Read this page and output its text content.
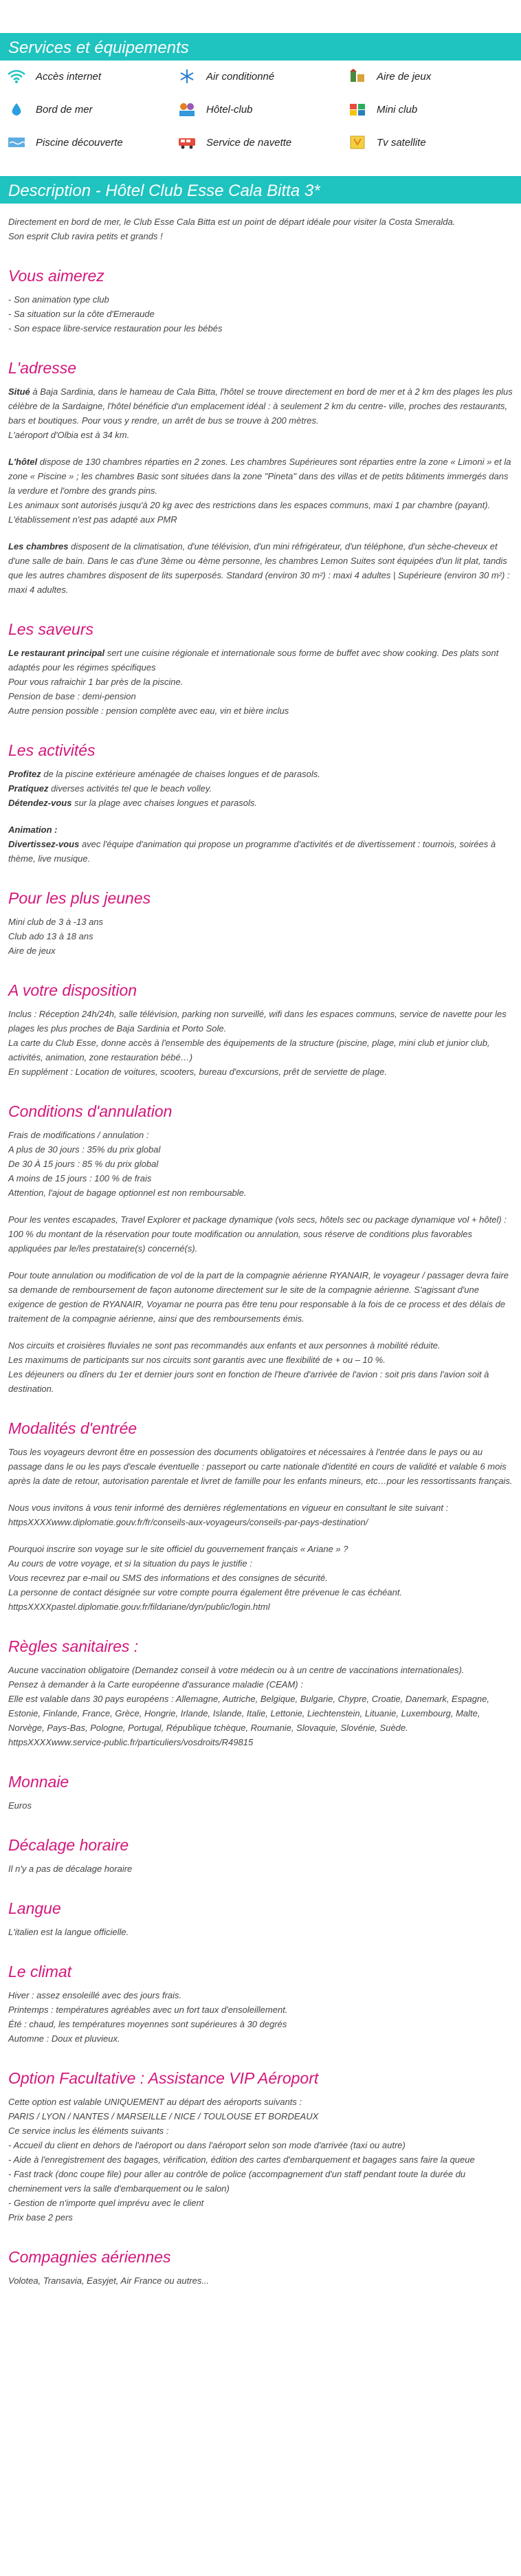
Services et équipements
Accès internet	Air conditionné	Aire de jeux
Bord de mer	Hôtel-club	Mini club
Piscine découverte	Service de navette	Tv satellite
Description - Hôtel Club Esse Cala Bitta 3*

Directement en bord de mer, le Club Esse Cala Bitta est un point de départ idéale pour visiter la Costa Smeralda.
Son esprit Club ravira petits et grands !

Vous aimerez

- Son animation type club
- Sa situation sur la côte d'Emeraude
- Son espace libre-service restauration pour les bébés

L'adresse

Situé à Baja Sardinia, dans le hameau de Cala Bitta, l'hôtel se trouve directement en bord de mer et à 2 km des plages les plus célèbre de la Sardaigne, l'hôtel bénéficie d'un emplacement idéal : à seulement 2 km du centre- ville, proches des restaurants, bars et boutiques. Pour vous y rendre, un arrêt de bus se trouve à 200 mètres.
L'aéroport d'Olbia est à 34 km.

L'hôtel dispose de 130 chambres réparties en 2 zones. Les chambres Supérieures sont réparties entre la zone « Limoni » et la zone « Piscine » ; les chambres Basic sont situées dans la zone "Pineta" dans des villas et de petits bâtiments immergés dans la verdure et l'ombre des grands pins.
Les animaux sont autorisés jusqu'à 20 kg avec des restrictions dans les espaces communs, maxi 1 par chambre (payant).
L'établissement n'est pas adapté aux PMR

Les chambres disposent de la climatisation, d'une télévision, d'un mini réfrigérateur, d'un téléphone, d'un sèche-cheveux et d'une salle de bain. Dans le cas d'une 3ème ou 4ème personne, les chambres Lemon Suites sont équipées d'un lit plat, tandis que les autres chambres disposent de lits superposés. Standard (environ 30 m²) : maxi 4 adultes | Supérieure (environ 30 m²) : maxi 4 adultes.

Les saveurs

Le restaurant principal sert une cuisine régionale et internationale sous forme de buffet avec show cooking. Des plats sont adaptés pour les régimes spécifiques
Pour vous rafraichir 1 bar près de la piscine.
Pension de base : demi-pension
Autre pension possible : pension complète avec eau, vin et bière inclus

Les activités

Profitez de la piscine extérieure aménagée de chaises longues et de parasols.
Pratiquez diverses activités tel que le beach volley.
Détendez-vous sur la plage avec chaises longues et parasols.

Animation :
Divertissez-vous avec l'équipe d'animation qui propose un programme d'activités et de divertissement : tournois, soirées à thème, live musique.

Pour les plus jeunes

Mini club de 3 à -13 ans
Club ado 13 à 18 ans
Aire de jeux

A votre disposition

Inclus : Réception 24h/24h, salle télévision, parking non surveillé, wifi dans les espaces communs, service de navette pour les plages les plus proches de Baja Sardinia et Porto Sole.
La carte du Club Esse, donne accès à l'ensemble des équipements de la structure (piscine, plage, mini club et junior club, activités, animation, zone restauration bébé…)
En supplément : Location de voitures, scooters, bureau d'excursions, prêt de serviette de plage.

Conditions d'annulation

Frais de modifications / annulation :
A plus de 30 jours : 35% du prix global
De 30 À 15 jours : 85 % du prix global
A moins de 15 jours : 100 % de frais
Attention, l'ajout de bagage optionnel est non remboursable.

Pour les ventes escapades, Travel Explorer et package dynamique (vols secs, hôtels sec ou package dynamique vol + hôtel) : 100 % du montant de la réservation pour toute modification ou annulation, sous réserve de conditions plus favorables appliquées par le/les prestataire(s) concerné(s).

Pour toute annulation ou modification de vol de la part de la compagnie aérienne RYANAIR, le voyageur / passager devra faire sa demande de remboursement de façon autonome directement sur le site de la compagnie aérienne. S'agissant d'une exigence de gestion de RYANAIR, Voyamar ne pourra pas être tenu pour responsable à la fois de ce process et des délais de traitement de la compagnie aérienne, ainsi que des remboursements émis.

Nos circuits et croisières fluviales ne sont pas recommandés aux enfants et aux personnes à mobilité réduite.
Les maximums de participants sur nos circuits sont garantis avec une flexibilité de + ou – 10 %.
Les déjeuners ou dîners du 1er et dernier jours sont en fonction de l'heure d'arrivée de l'avion : soit pris dans l'avion soit à destination.

Modalités d'entrée

Tous les voyageurs devront être en possession des documents obligatoires et nécessaires à l'entrée dans le pays ou au passage dans le ou les pays d'escale éventuelle : passeport ou carte nationale d'identité en cours de validité et valable 6 mois après la date de retour, autorisation parentale et livret de famille pour les enfants mineurs, etc…pour les ressortissants français.

Nous vous invitons à vous tenir informé des dernières réglementations en vigueur en consultant le site suivant : httpsXXXXwww.diplomatie.gouv.fr/fr/conseils-aux-voyageurs/conseils-par-pays-destination/

Pourquoi inscrire son voyage sur le site officiel du gouvernement français « Ariane » ?
Au cours de votre voyage, et si la situation du pays le justifie :
Vous recevrez par e-mail ou SMS des informations et des consignes de sécurité.
La personne de contact désignée sur votre compte pourra également être prévenue le cas échéant.
httpsXXXXpastel.diplomatie.gouv.fr/fildariane/dyn/public/login.html

Règles sanitaires :

Aucune vaccination obligatoire (Demandez conseil à votre médecin ou à un centre de vaccinations internationales).
Pensez à demander à la Carte européenne d'assurance maladie (CEAM) :
Elle est valable dans 30 pays européens : Allemagne, Autriche, Belgique, Bulgarie, Chypre, Croatie, Danemark, Espagne, Estonie, Finlande, France, Grèce, Hongrie, Irlande, Islande, Italie, Lettonie, Liechtenstein, Lituanie, Luxembourg, Malte, Norvège, Pays-Bas, Pologne, Portugal, République tchèque, Roumanie, Slovaquie, Slovénie, Suède.
httpsXXXXwww.service-public.fr/particuliers/vosdroits/R49815

Monnaie

Euros

Décalage horaire

Il n'y a pas de décalage horaire

Langue

L'italien est la langue officielle.

Le climat

Hiver : assez ensoleillé avec des jours frais.
Printemps : températures agréables avec un fort taux d'ensoleillement.
Été : chaud, les températures moyennes sont supérieures à 30 degrés
Automne : Doux et pluvieux.

Option Facultative : Assistance VIP Aéroport

Cette option est valable UNIQUEMENT au départ des aéroports suivants :
PARIS / LYON / NANTES / MARSEILLE / NICE / TOULOUSE ET BORDEAUX
Ce service inclus les éléments suivants :
- Accueil du client en dehors de l'aéroport ou dans l'aéroport selon son mode d'arrivée (taxi ou autre)
- Aide à l'enregistrement des bagages, vérification, édition des cartes d'embarquement et bagages sans faire la queue
- Fast track (donc coupe file) pour aller au contrôle de police (accompagnement d'un staff pendant toute la durée du cheminement vers la salle d'embarquement ou le salon)
- Gestion de n'importe quel imprévu avec le client
Prix base 2 pers

Compagnies aériennes

Volotea, Transavia, Easyjet, Air France ou autres...
